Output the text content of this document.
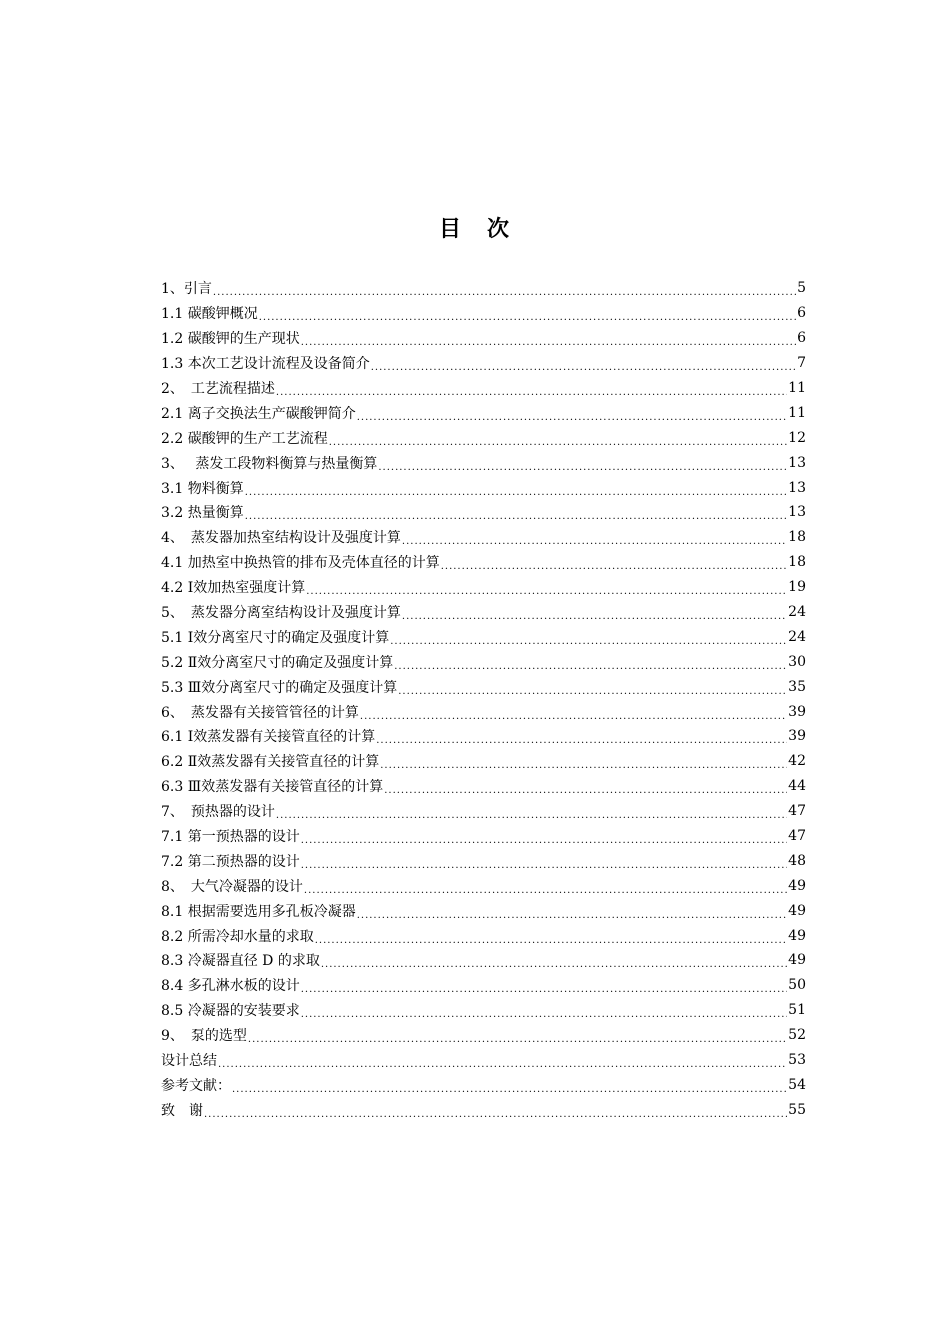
目　次
1、引言 .....	5
1.1 碳酸钾概况 .....	6
1.2 碳酸钾的生产现状 .....	6
1.3 本次工艺设计流程及设备简介 .....	7
2、　工艺流程描述 .....	11
2.1 离子交换法生产碳酸钾简介 .....	11
2.2 碳酸钾的生产工艺流程 .....	12
3、　 蒸发工段物料衡算与热量衡算 .....	13
3.1 物料衡算 .....	13
3.2 热量衡算 .....	13
4、　蒸发器加热室结构设计及强度计算 .....	18
4.1 加热室中换热管的排布及壳体直径的计算 .....	18
4.2 Ⅰ效加热室强度计算 .....	19
5、　蒸发器分离室结构设计及强度计算 .....	24
5.1 Ⅰ效分离室尺寸的确定及强度计算 .....	24
5.2 Ⅱ效分离室尺寸的确定及强度计算 .....	30
5.3 Ⅲ效分离室尺寸的确定及强度计算 .....	35
6、　蒸发器有关接管管径的计算 .....	39
6.1 Ⅰ效蒸发器有关接管直径的计算 .....	39
6.2 Ⅱ效蒸发器有关接管直径的计算 .....	42
6.3 Ⅲ效蒸发器有关接管直径的计算 .....	44
7、　预热器的设计 .....	47
7.1 第一预热器的设计 .....	47
7.2 第二预热器的设计 .....	48
8、　大气冷凝器的设计 .....	49
8.1 根据需要选用多孔板冷凝器 .....	49
8.2 所需冷却水量的求取 .....	49
8.3 冷凝器直径 D 的求取 .....	49
8.4 多孔淋水板的设计 .....	50
8.5 冷凝器的安装要求 .....	51
9、　泵的选型 .....	52
设计总结 .....	53
参考文献： .....	54
致　谢 .....	55
